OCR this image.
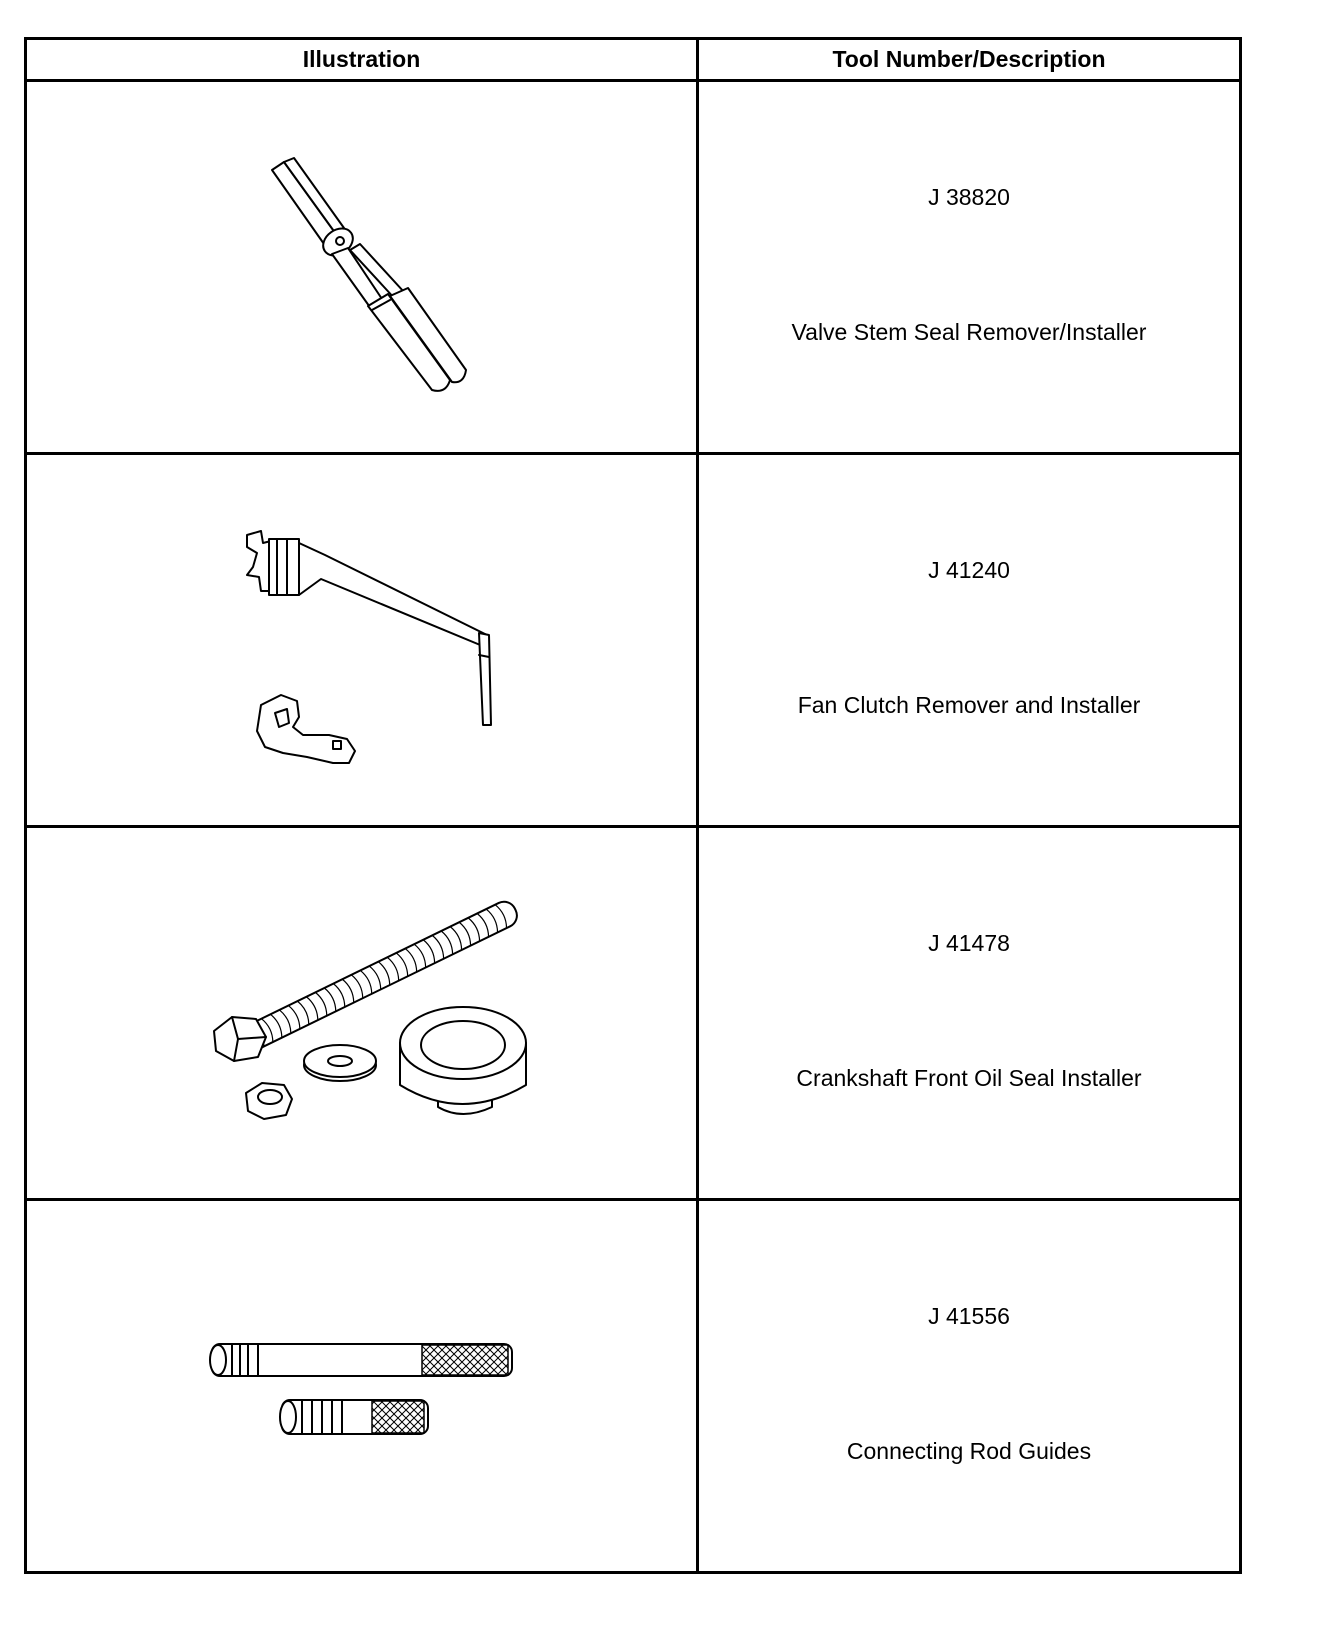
Illustration	Tool Number/Description

J 38820
Valve Stem Seal Remover/Installer

J 41240
Fan Clutch Remover and Installer

J 41478
Crankshaft Front Oil Seal Installer

J 41556
Connecting Rod Guides
